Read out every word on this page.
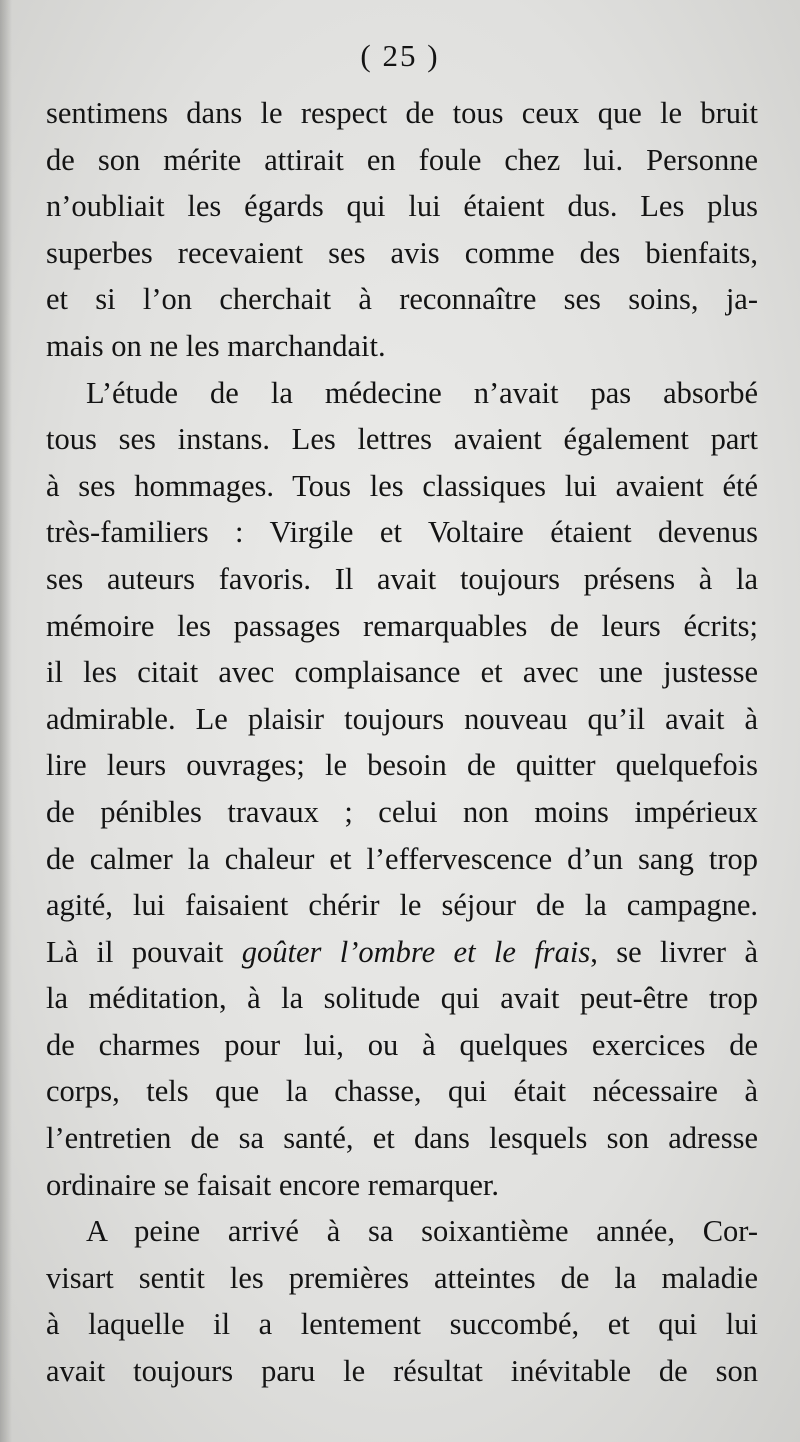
( 25 )
sentimens dans le respect de tous ceux que le bruit
de son mérite attirait en foule chez lui. Personne
n’oubliait les égards qui lui étaient dus. Les plus
superbes recevaient ses avis comme des bienfaits,
et si l’on cherchait à reconnaître ses soins, ja-
mais on ne les marchandait.
L’étude de la médecine n’avait pas absorbé
tous ses instans. Les lettres avaient également part
à ses hommages. Tous les classiques lui avaient été
très-familiers : Virgile et Voltaire étaient devenus
ses auteurs favoris. Il avait toujours présens à la
mémoire les passages remarquables de leurs écrits;
il les citait avec complaisance et avec une justesse
admirable. Le plaisir toujours nouveau qu’il avait à
lire leurs ouvrages; le besoin de quitter quelquefois
de pénibles travaux ; celui non moins impérieux
de calmer la chaleur et l’effervescence d’un sang trop
agité, lui faisaient chérir le séjour de la campagne.
Là il pouvait goûter l’ombre et le frais, se livrer à
la méditation, à la solitude qui avait peut-être trop
de charmes pour lui, ou à quelques exercices de
corps, tels que la chasse, qui était nécessaire à
l’entretien de sa santé, et dans lesquels son adresse
ordinaire se faisait encore remarquer.
A peine arrivé à sa soixantième année, Cor-
visart sentit les premières atteintes de la maladie
à laquelle il a lentement succombé, et qui lui
avait toujours paru le résultat inévitable de son
